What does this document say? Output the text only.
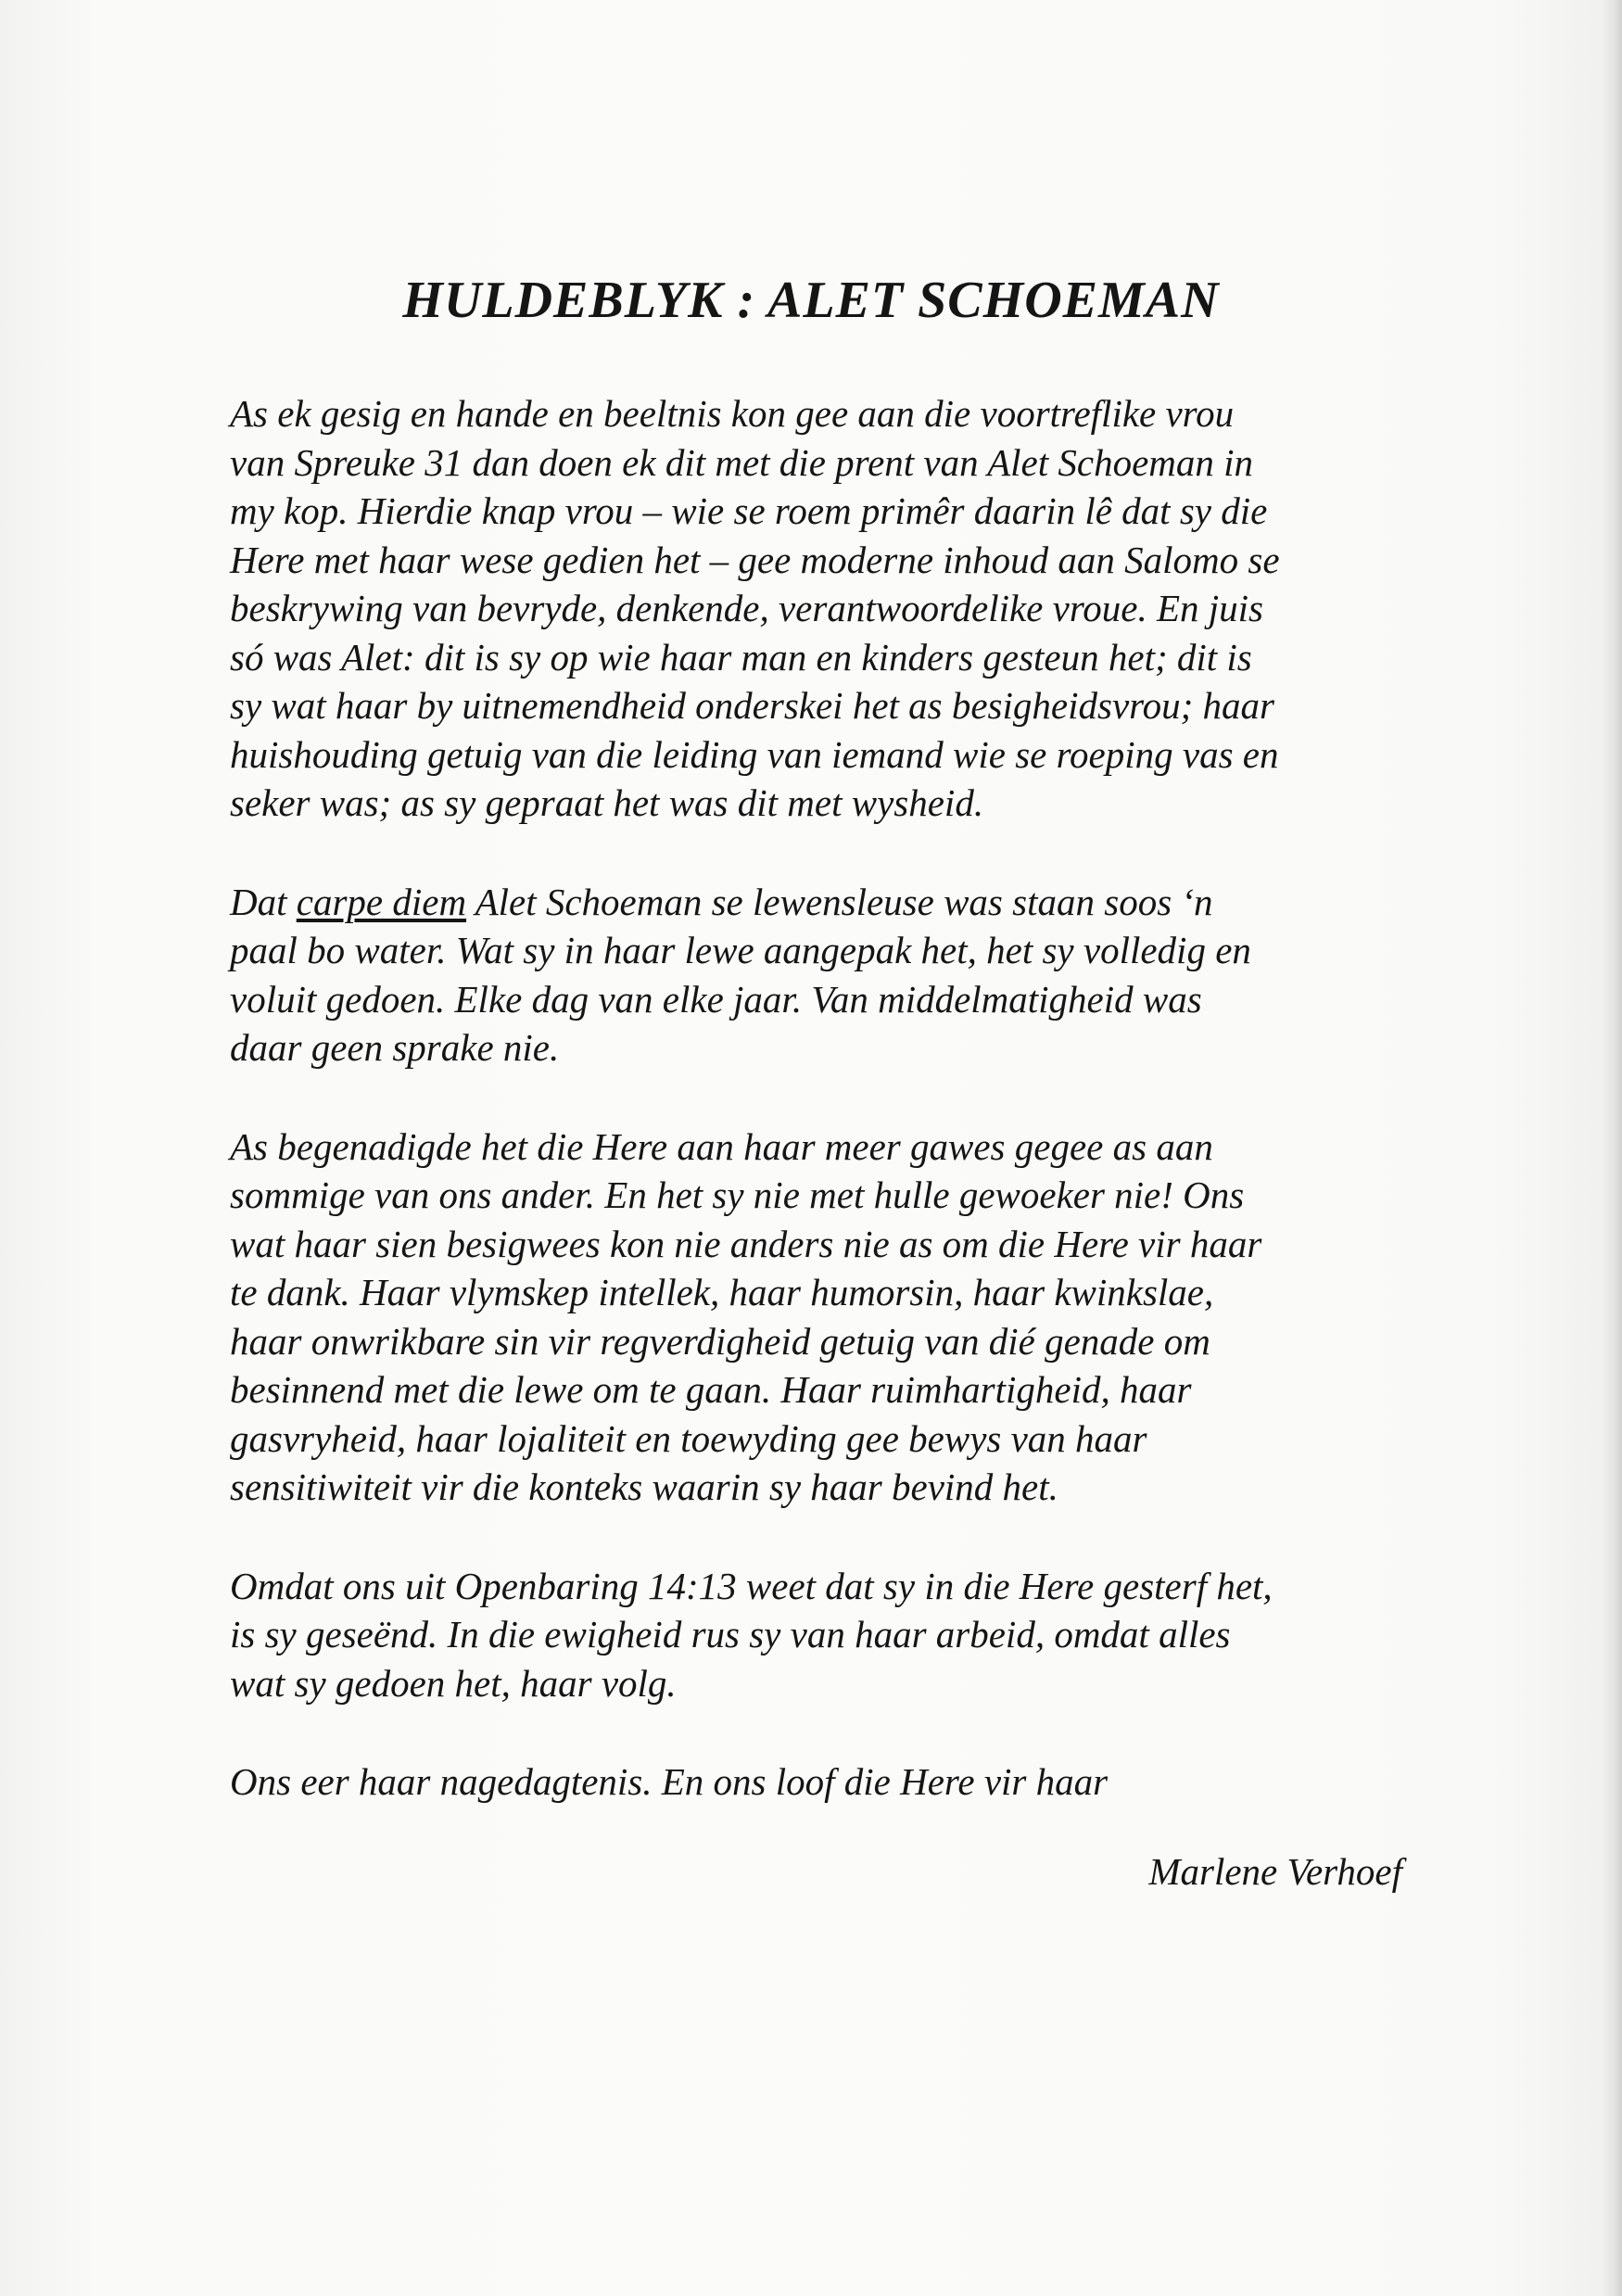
HULDEBLYK : ALET SCHOEMAN

As ek gesig en hande en beeltnis kon gee aan die voortreflike vrou
van Spreuke 31 dan doen ek dit met die prent van Alet Schoeman in
my kop. Hierdie knap vrou – wie se roem primêr daarin lê dat sy die
Here met haar wese gedien het – gee moderne inhoud aan Salomo se
beskrywing van bevryde, denkende, verantwoordelike vroue. En juis
só was Alet: dit is sy op wie haar man en kinders gesteun het; dit is
sy wat haar by uitnemendheid onderskei het as besigheidsvrou; haar
huishouding getuig van die leiding van iemand wie se roeping vas en
seker was; as sy gepraat het was dit met wysheid.

Dat carpe diem Alet Schoeman se lewensleuse was staan soos ‘n
paal bo water. Wat sy in haar lewe aangepak het, het sy volledig en
voluit gedoen. Elke dag van elke jaar. Van middelmatigheid was
daar geen sprake nie.

As begenadigde het die Here aan haar meer gawes gegee as aan
sommige van ons ander. En het sy nie met hulle gewoeker nie! Ons
wat haar sien besigwees kon nie anders nie as om die Here vir haar
te dank. Haar vlymskep intellek, haar humorsin, haar kwinkslae,
haar onwrikbare sin vir regverdigheid getuig van dié genade om
besinnend met die lewe om te gaan. Haar ruimhartigheid, haar
gasvryheid, haar lojaliteit en toewyding gee bewys van haar
sensitiwiteit vir die konteks waarin sy haar bevind het.

Omdat ons uit Openbaring 14:13 weet dat sy in die Here gesterf het,
is sy geseënd. In die ewigheid rus sy van haar arbeid, omdat alles
wat sy gedoen het, haar volg.

Ons eer haar nagedagtenis. En ons loof die Here vir haar

Marlene Verhoef
